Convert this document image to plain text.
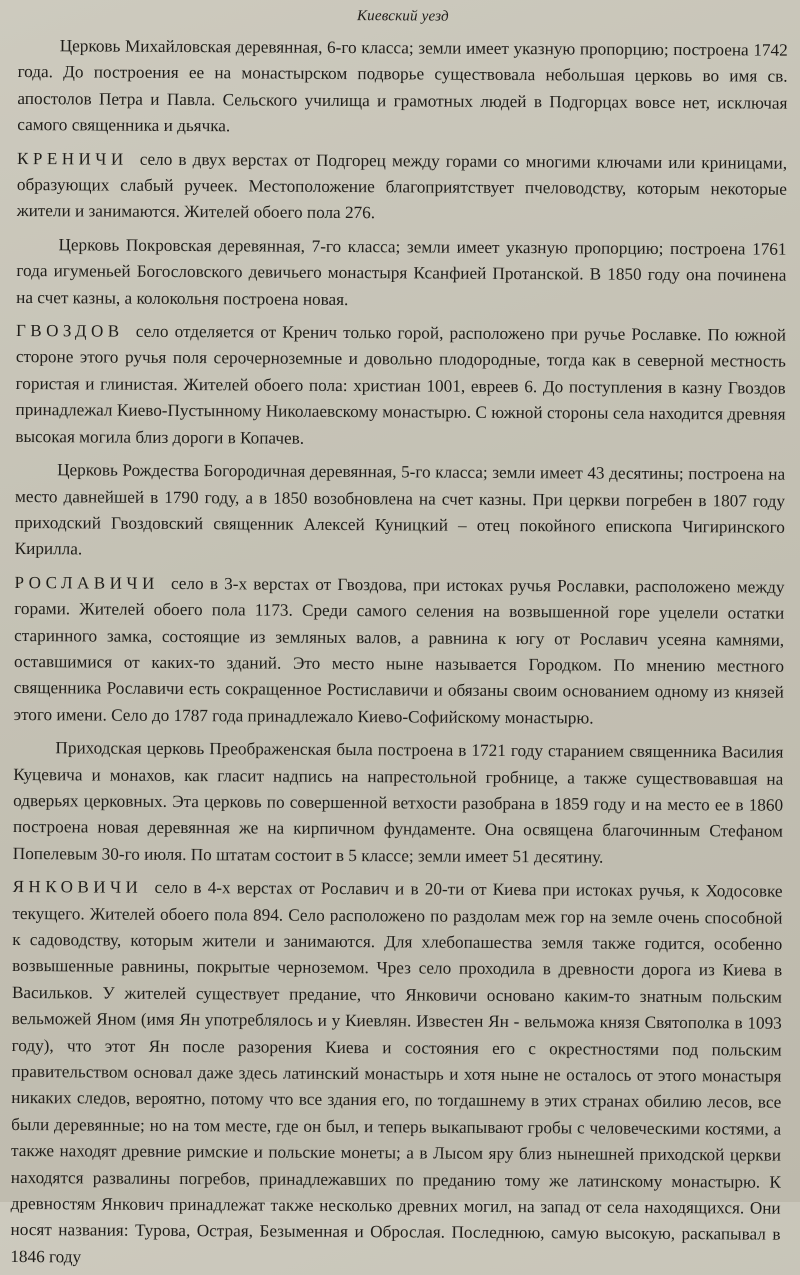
Киевский уезд

Церковь Михайловская деревянная, 6-го класса; земли имеет указную пропорцию; построена 1742 года. До построения ее на монастырском подворье существовала небольшая церковь во имя св. апостолов Петра и Павла. Сельского училища и грамотных людей в Подгорцах вовсе нет, исключая самого священника и дьячка.

КРЕНИЧИ село в двух верстах от Подгорец между горами со многими ключами или криницами, образующих слабый ручеек. Местоположение благоприятствует пчеловодству, которым некоторые жители и занимаются. Жителей обоего пола 276.

Церковь Покровская деревянная, 7-го класса; земли имеет указную пропорцию; построена 1761 года игуменьей Богословского девичьего монастыря Ксанфией Протанской. В 1850 году она починена на счет казны, а колокольня построена новая.

ГВОЗДОВ село отделяется от Кренич только горой, расположено при ручье Рославке. По южной стороне этого ручья поля серочерноземные и довольно плодородные, тогда как в северной местность гористая и глинистая. Жителей обоего пола: христиан 1001, евреев 6. До поступления в казну Гвоздов принадлежал Киево-Пустынному Николаевскому монастырю. С южной стороны села находится древняя высокая могила близ дороги в Копачев.

Церковь Рождества Богородичная деревянная, 5-го класса; земли имеет 43 десятины; построена на место давнейшей в 1790 году, а в 1850 возобновлена на счет казны. При церкви погребен в 1807 году приходский Гвоздовский священник Алексей Куницкий – отец покойного епископа Чигиринского Кирилла.

РОСЛАВИЧИ село в 3-х верстах от Гвоздова, при истоках ручья Рославки, расположено между горами. Жителей обоего пола 1173. Среди самого селения на возвышенной горе уцелели остатки старинного замка, состоящие из земляных валов, а равнина к югу от Рославич усеяна камнями, оставшимися от каких-то зданий. Это место ныне называется Городком. По мнению местного священника Рославичи есть сокращенное Ростиславичи и обязаны своим основанием одному из князей этого имени. Село до 1787 года принадлежало Киево-Софийскому монастырю.

Приходская церковь Преображенская была построена в 1721 году старанием священника Василия Куцевича и монахов, как гласит надпись на напрестольной гробнице, а также существовавшая на одверьях церковных. Эта церковь по совершенной ветхости разобрана в 1859 году и на место ее в 1860 построена новая деревянная же на кирпичном фундаменте. Она освящена благочинным Стефаном Попелевым 30-го июля. По штатам состоит в 5 классе; земли имеет 51 десятину.

ЯНКОВИЧИ село в 4-х верстах от Рославич и в 20-ти от Киева при истоках ручья, к Ходосовке текущего. Жителей обоего пола 894. Село расположено по раздолам меж гор на земле очень способной к садоводству, которым жители и занимаются. Для хлебопашества земля также годится, особенно возвышенные равнины, покрытые черноземом. Чрез село проходила в древности дорога из Киева в Васильков. У жителей существует предание, что Янковичи основано каким-то знатным польским вельможей Яном (имя Ян употреблялось и у Киевлян. Известен Ян - вельможа князя Святополка в 1093 году), что этот Ян после разорения Киева и состояния его с окрестностями под польским правительством основал даже здесь латинский монастырь и хотя ныне не осталось от этого монастыря никаких следов, вероятно, потому что все здания его, по тогдашнему в этих странах обилию лесов, все были деревянные; но на том месте, где он был, и теперь выкапывают гробы с человеческими костями, а также находят древние римские и польские монеты; а в Лысом яру близ нынешней приходской церкви находятся развалины погребов, принадлежавших по преданию тому же латинскому монастырю. К древностям Янкович принадлежат также несколько древних могил, на запад от села находящихся. Они носят названия: Турова, Острая, Безыменная и Оброслая. Последнюю, самую высокую, раскапывал в 1846 году
